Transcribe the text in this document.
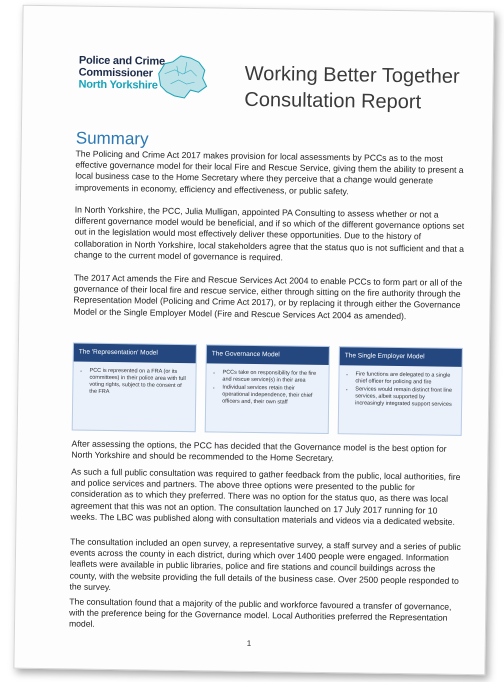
Police and Crime
Commissioner
North Yorkshire	Working Better Together
Consultation Report
Summary
The Policing and Crime Act 2017 makes provision for local assessments by PCCs as to the most effective governance model for their local Fire and Rescue Service, giving them the ability to present a local business case to the Home Secretary where they perceive that a change would generate improvements in economy, efficiency and effectiveness, or public safety.
In North Yorkshire, the PCC, Julia Mulligan, appointed PA Consulting to assess whether or not a different governance model would be beneficial, and if so which of the different governance options set out in the legislation would most effectively deliver these opportunities. Due to the history of collaboration in North Yorkshire, local stakeholders agree that the status quo is not sufficient and that a change to the current model of governance is required.
The 2017 Act amends the Fire and Rescue Services Act 2004 to enable PCCs to form part or all of the governance of their local fire and rescue service, either through sitting on the fire authority through the Representation Model (Policing and Crime Act 2017), or by replacing it through either the Governance Model or the Single Employer Model (Fire and Rescue Services Act 2004 as amended).
The 'Representation' Model
• PCC is represented on a FRA (or its committees) in their police area with full voting rights, subject to the consent of the FRA
The Governance Model
• PCCs take on responsibility for the fire and rescue service(s) in their area
• Individual services retain their operational independence, their chief officers and, their own staff
The Single Employer Model
• Fire functions are delegated to a single chief officer for policing and fire
• Services would remain distinct front line services, albeit supported by increasingly integrated support services
After assessing the options, the PCC has decided that the Governance model is the best option for North Yorkshire and should be recommended to the Home Secretary.
As such a full public consultation was required to gather feedback from the public, local authorities, fire and police services and partners. The above three options were presented to the public for consideration as to which they preferred. There was no option for the status quo, as there was local agreement that this was not an option. The consultation launched on 17 July 2017 running for 10 weeks. The LBC was published along with consultation materials and videos via a dedicated website.
The consultation included an open survey, a representative survey, a staff survey and a series of public events across the county in each district, during which over 1400 people were engaged. Information leaflets were available in public libraries, police and fire stations and council buildings across the county, with the website providing the full details of the business case. Over 2500 people responded to the survey.
The consultation found that a majority of the public and workforce favoured a transfer of governance, with the preference being for the Governance model. Local Authorities preferred the Representation model.
1
